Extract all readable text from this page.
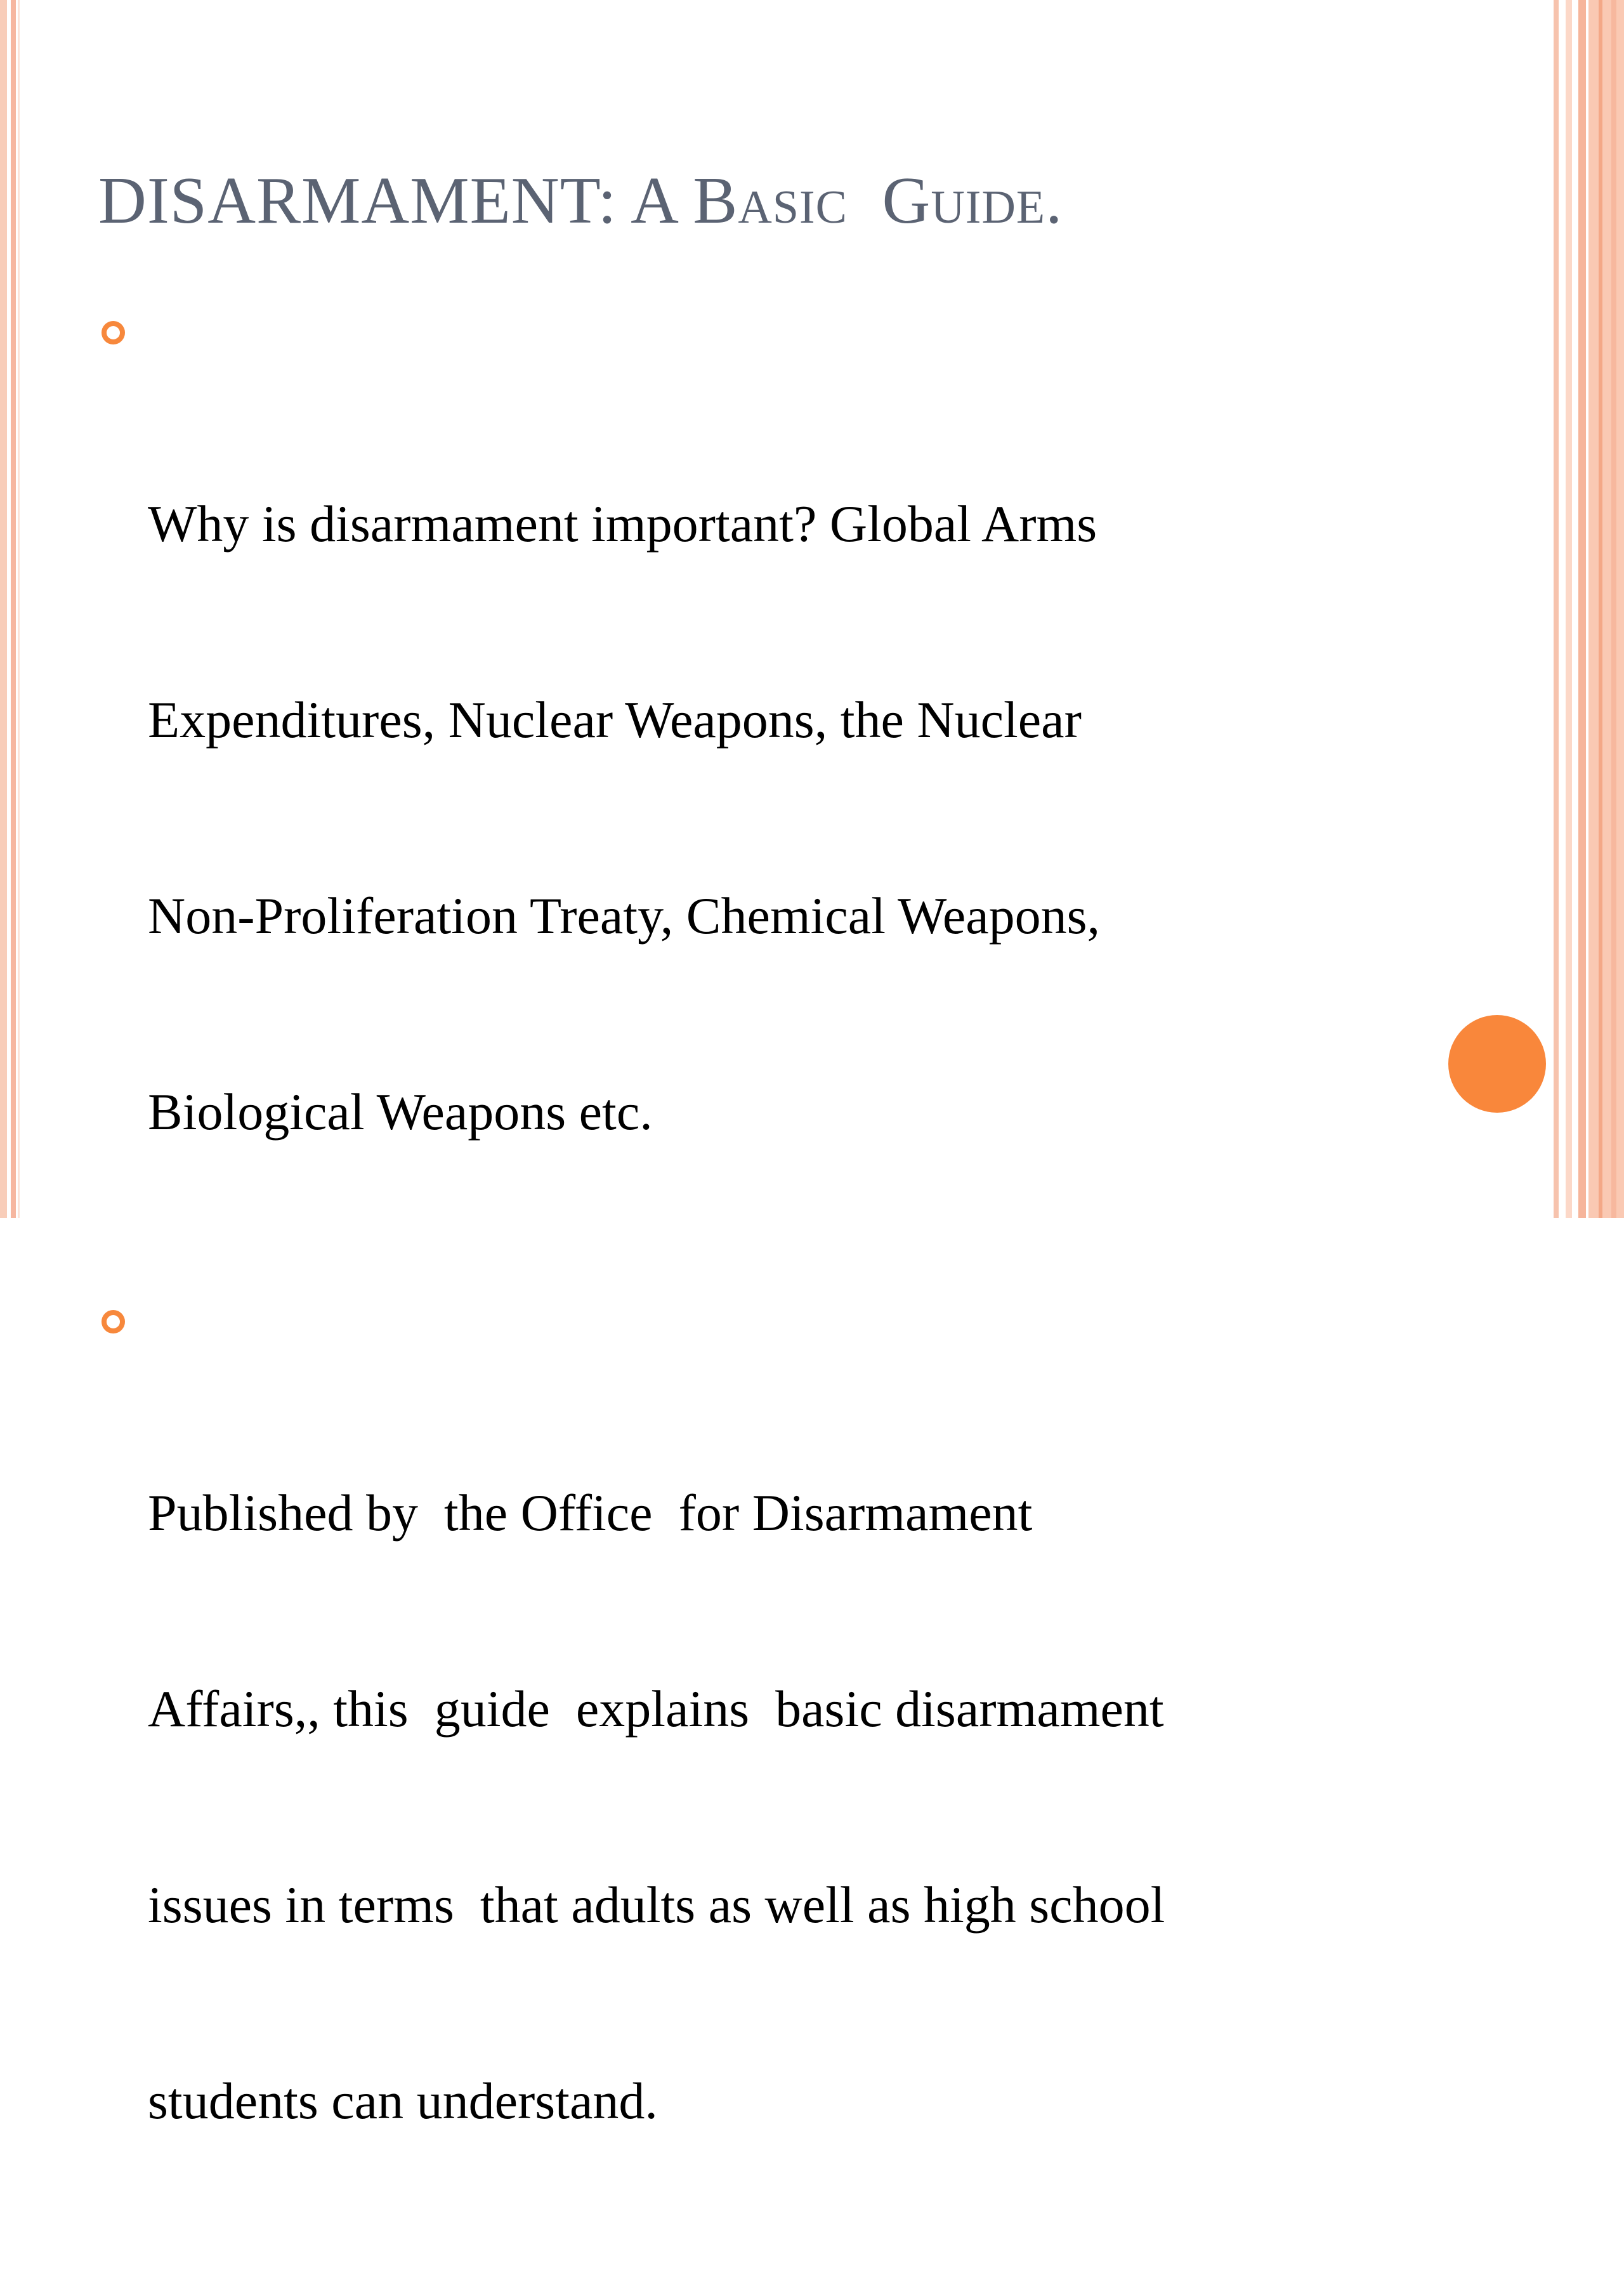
DISARMAMENT: A Basic Guide.

Why is disarmament important? Global Arms

Expenditures, Nuclear Weapons, the Nuclear

Non-Proliferation Treaty, Chemical Weapons,

Biological Weapons etc.

Published by  the Office  for Disarmament

Affairs,, this  guide  explains  basic disarmament

issues in terms  that adults as well as high school

students can understand.
